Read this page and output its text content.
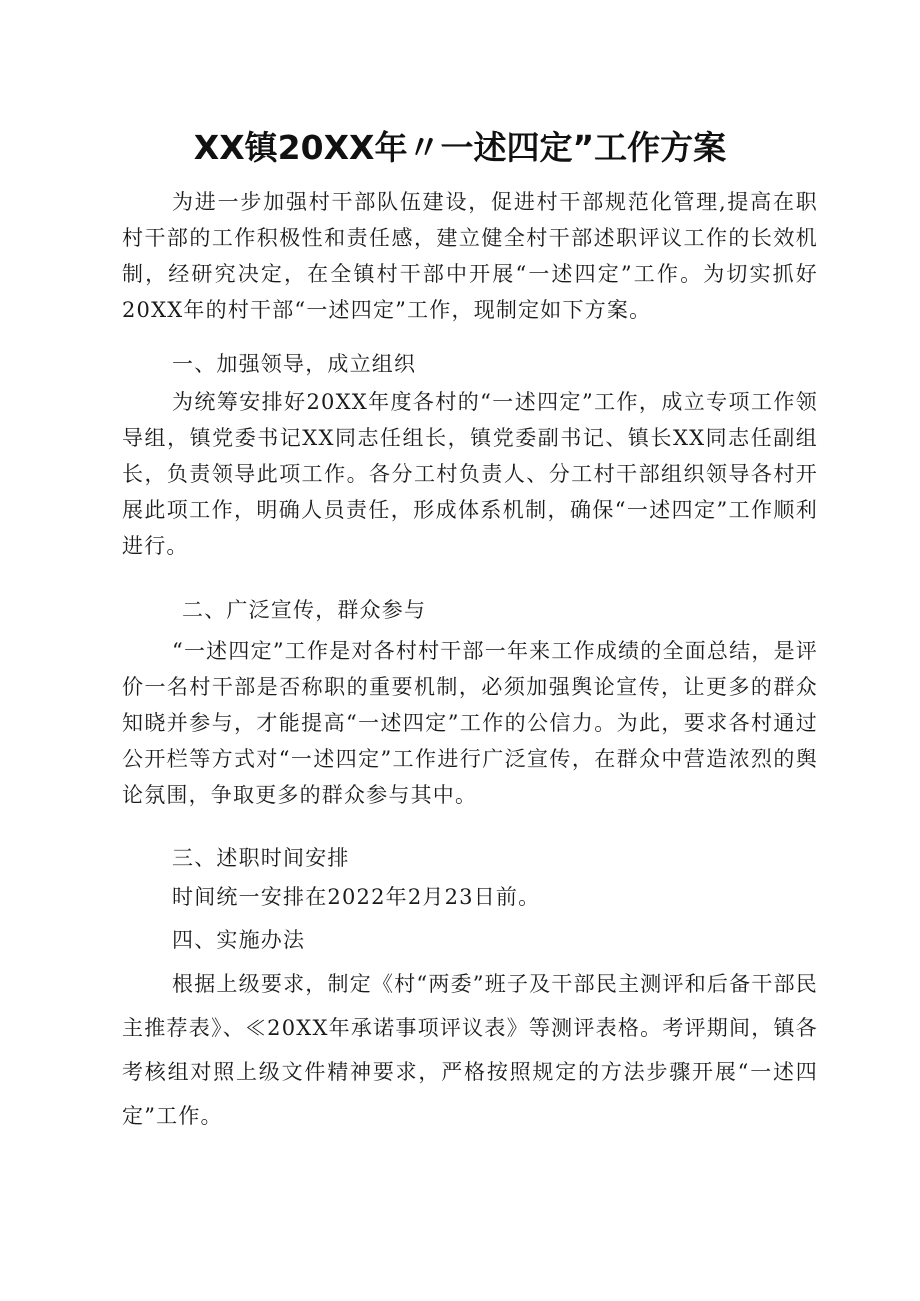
XX镇20XX年〃一述四定”工作方案

为进一步加强村干部队伍建设，促进村干部规范化管理,提高在职村干部的工作积极性和责任感，建立健全村干部述职评议工作的长效机制，经研究决定，在全镇村干部中开展“一述四定”工作。为切实抓好20XX年的村干部“一述四定”工作，现制定如下方案。

一、加强领导，成立组织

为统筹安排好20XX年度各村的“一述四定”工作，成立专项工作领导组，镇党委书记XX同志任组长，镇党委副书记、镇长XX同志任副组长，负责领导此项工作。各分工村负责人、分工村干部组织领导各村开展此项工作，明确人员责任，形成体系机制，确保“一述四定”工作顺利进行。

二、广泛宣传，群众参与

“一述四定”工作是对各村村干部一年来工作成绩的全面总结，是评价一名村干部是否称职的重要机制，必须加强舆论宣传，让更多的群众知晓并参与，才能提高“一述四定”工作的公信力。为此，要求各村通过公开栏等方式对“一述四定”工作进行广泛宣传，在群众中营造浓烈的舆论氛围，争取更多的群众参与其中。

三、述职时间安排

时间统一安排在2022年2月23日前。

四、实施办法

根据上级要求，制定《村“两委”班子及干部民主测评和后备干部民主推荐表》、≪20XX年承诺事项评议表》等测评表格。考评期间，镇各考核组对照上级文件精神要求，严格按照规定的方法步骤开展“一述四定”工作。
